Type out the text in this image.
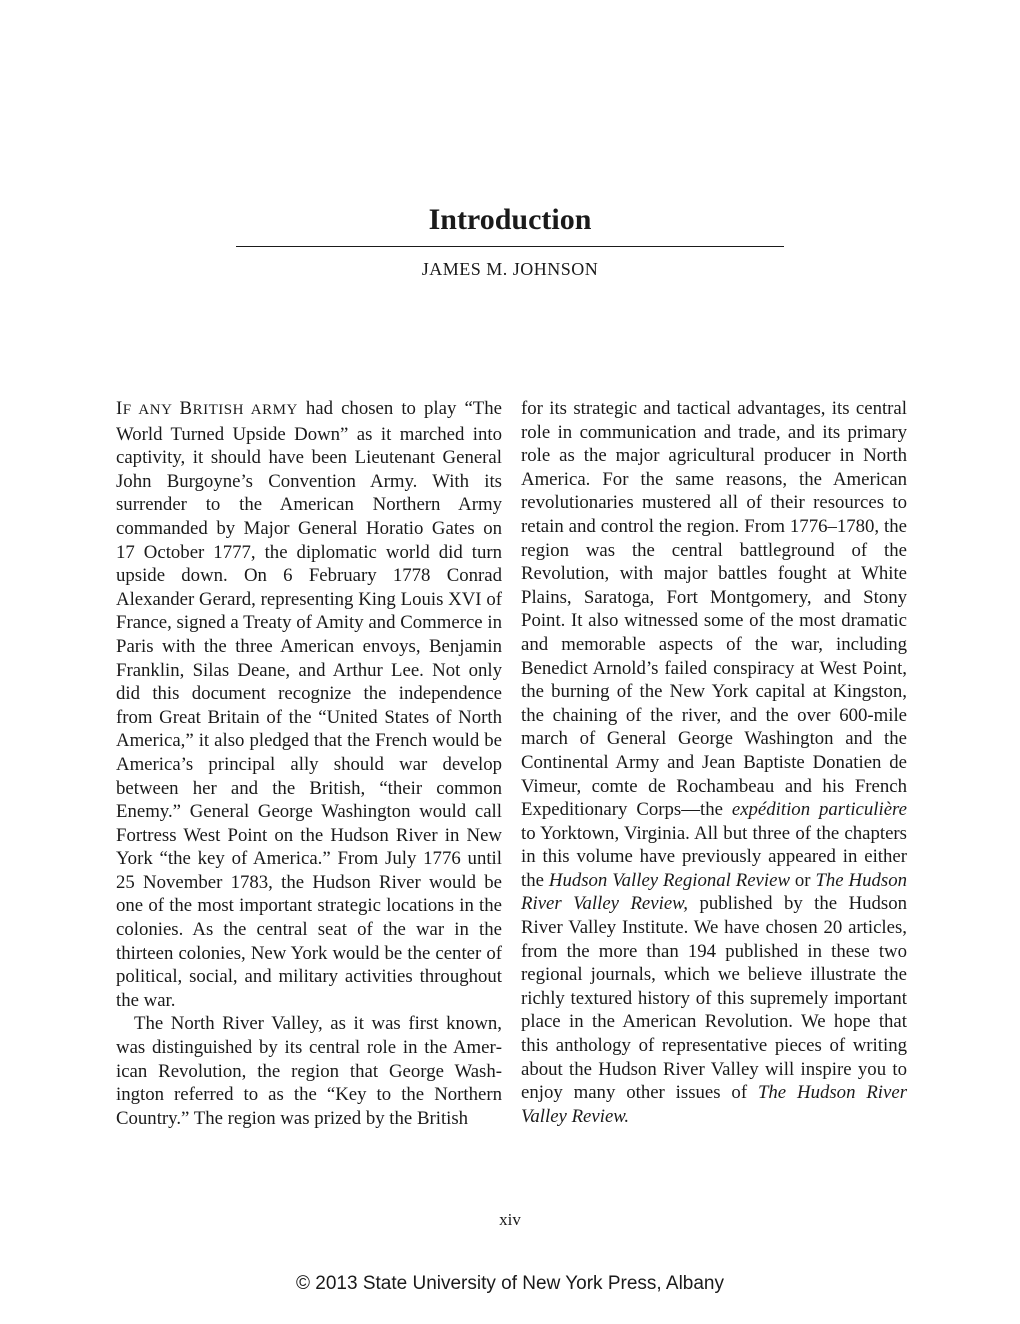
Introduction
JAMES M. JOHNSON

IF ANY BRITISH ARMY had chosen to play “The World Turned Upside Down” as it marched into captivity, it should have been Lieutenant General John Burgoyne’s Convention Army. With its surrender to the American Northern Army commanded by Major General Horatio Gates on 17 October 1777, the diplomatic world did turn upside down. On 6 February 1778 Conrad Alexander Gerard, representing King Louis XVI of France, signed a Treaty of Amity and Commerce in Paris with the three American envoys, Benjamin Franklin, Silas Deane, and Arthur Lee. Not only did this document recognize the independence from Great Britain of the “United States of North America,” it also pledged that the French would be America’s principal ally should war develop between her and the British, “their common Enemy.” General George Washington would call Fortress West Point on the Hudson River in New York “the key of America.” From July 1776 until 25 November 1783, the Hudson River would be one of the most important strategic locations in the colonies. As the central seat of the war in the thirteen colonies, New York would be the center of political, social, and military activities throughout the war.

The North River Valley, as it was first known, was distinguished by its central role in the American Revolution, the region that George Washington referred to as the “Key to the Northern Country.” The region was prized by the British

for its strategic and tactical advantages, its central role in communication and trade, and its primary role as the major agricultural producer in North America. For the same reasons, the American revolutionaries mustered all of their resources to retain and control the region. From 1776–1780, the region was the central battleground of the Revolution, with major battles fought at White Plains, Saratoga, Fort Montgomery, and Stony Point. It also witnessed some of the most dramatic and memorable aspects of the war, including Benedict Arnold’s failed conspiracy at West Point, the burning of the New York capital at Kingston, the chaining of the river, and the over 600-mile march of General George Washington and the Continental Army and Jean Baptiste Donatien de Vimeur, comte de Rochambeau and his French Expeditionary Corps—the expédition particulière to Yorktown, Virginia. All but three of the chapters in this volume have previously appeared in either the Hudson Valley Regional Review or The Hudson River Valley Review, published by the Hudson River Valley Institute. We have chosen 20 articles, from the more than 194 published in these two regional journals, which we believe illustrate the richly textured history of this supremely important place in the American Revolution. We hope that this anthology of representative pieces of writing about the Hudson River Valley will inspire you to enjoy many other issues of The Hudson River Valley Review.

xiv
© 2013 State University of New York Press, Albany
